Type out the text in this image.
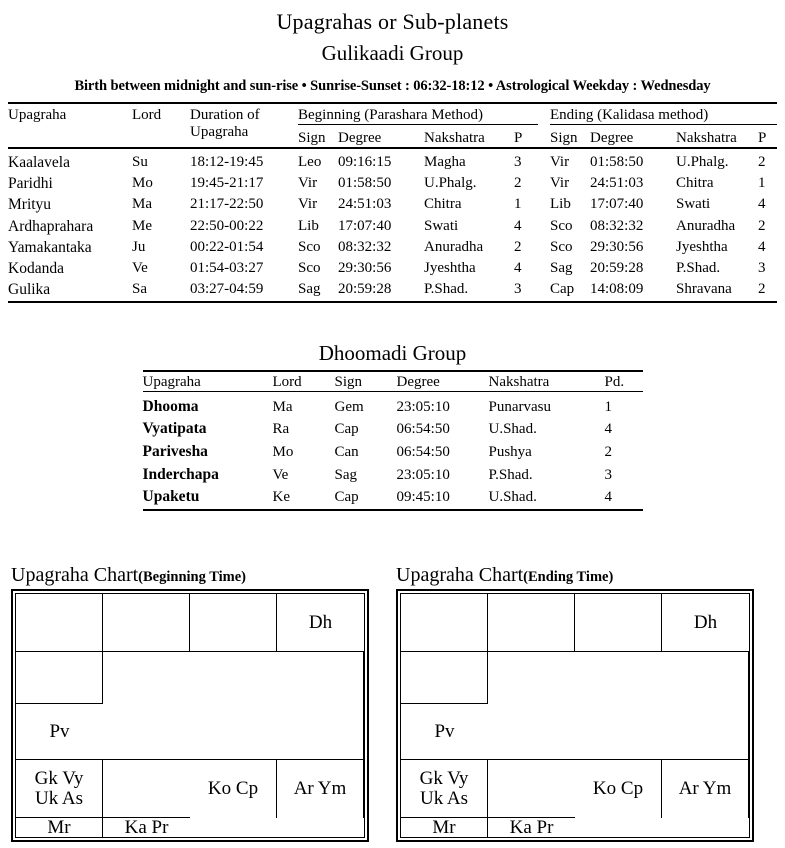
Upagrahas or Sub-planets
Gulikaadi Group
Birth between midnight and sun-rise • Sunrise-Sunset : 06:32-18:12 • Astrological Weekday : Wednesday

Upagraha	Lord	Duration of
Upagraha	Beginning (Parashara Method)					Ending (Kalidasa method)			

			Sign	Degree	Nakshatra	P		Sign	Degree	Nakshatra	P

Kaalavela	Su	18:12-19:45	Leo	09:16:15	Magha	3		Vir	01:58:50	U.Phalg.	2
Paridhi	Mo	19:45-21:17	Vir	01:58:50	U.Phalg.	2		Vir	24:51:03	Chitra	1
Mrityu	Ma	21:17-22:50	Vir	24:51:03	Chitra	1		Lib	17:07:40	Swati	4
Ardhaprahara	Me	22:50-00:22	Lib	17:07:40	Swati	4		Sco	08:32:32	Anuradha	2
Yamakantaka	Ju	00:22-01:54	Sco	08:32:32	Anuradha	2		Sco	29:30:56	Jyeshtha	4
Kodanda	Ve	01:54-03:27	Sco	29:30:56	Jyeshtha	4		Sag	20:59:28	P.Shad.	3
Gulika	Sa	03:27-04:59	Sag	20:59:28	P.Shad.	3		Cap	14:08:09	Shravana	2

Dhoomadi Group

Upagraha	Lord	Sign	Degree	Nakshatra	Pd.

Dhooma	Ma	Gem	23:05:10	Punarvasu	1
Vyatipata	Ra	Cap	06:54:50	U.Shad.	4
Parivesha	Mo	Can	06:54:50	Pushya	2
Inderchapa	Ve	Sag	23:05:10	P.Shad.	3
Upaketu	Ke	Cap	09:45:10	U.Shad.	4

Upagraha Chart(Beginning Time)
Dh
Pv
Gk Vy
Uk As	Ko Cp	Ar Ym
Mr	Ka Pr
Upagraha Chart(Ending Time)
Dh
Pv
Gk Vy
Uk As	Ko Cp	Ar Ym
Mr	Ka Pr
